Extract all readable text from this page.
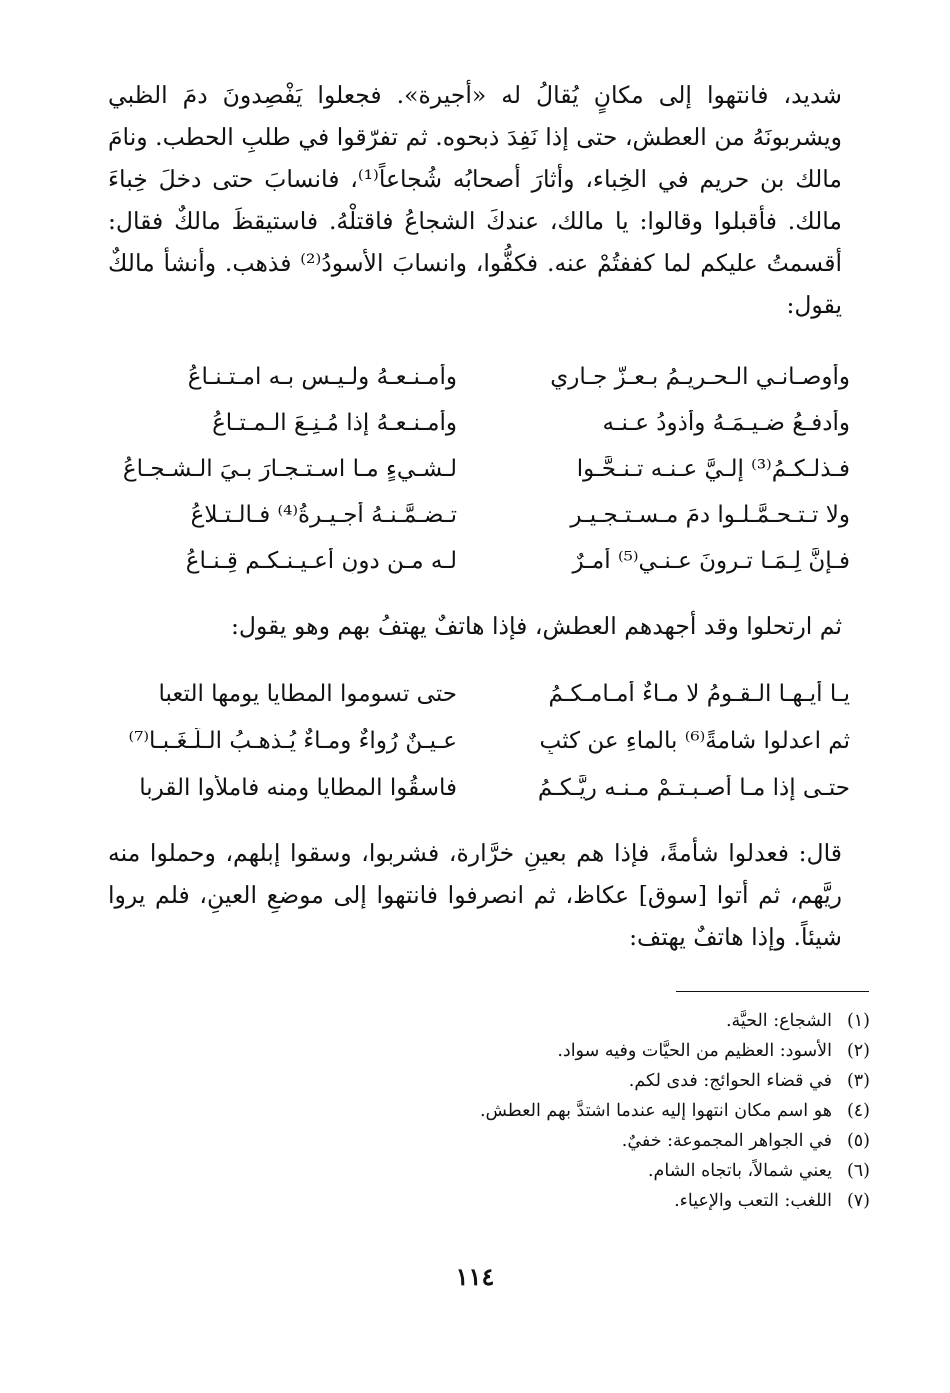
شديد، فانتهوا إلى مكانٍ يُقالُ له «أجيرة». فجعلوا يَفْصِدونَ دمَ الظبي ويشربونَهُ من العطش، حتى إذا نَفِدَ ذبحوه. ثم تفرّقوا في طلبِ الحطب. ونامَ مالك بن حريم في الخِباء، وأثارَ أصحابُه شُجاعاً⁽¹⁾، فانسابَ حتى دخلَ خِباءَ مالك. فأقبلوا وقالوا: يا مالك، عندكَ الشجاعُ فاقتلْهُ. فاستيقظَ مالكٌ فقال: أقسمتُ عليكم لما كففتُمْ عنه. فكفُّوا، وانسابَ الأسودُ⁽²⁾ فذهب. وأنشأ مالكٌ يقول:

وأوصـانـي الـحـريـمُ بـعـزّ جـاري
وأمـنـعـهُ ولـيـس بـه امـتـنـاعُ
وأدفـعُ ضـيـمَـهُ وأذودُ عـنـه
وأمـنـعـهُ إذا مُـنِـعَ الـمـتـاعُ
فـذلـكـمُ⁽³⁾ إلـيَّ عـنـه تـنـحَّـوا
لـشـيءٍ مـا اسـتـجـارَ بـيَ الـشـجـاعُ
ولا تـتـحـمَّـلـوا دمَ مـسـتـجـيـرٍ
تـضـمَّـنـهُ أجـيـرةُ⁽⁴⁾ فـالـتـلاعُ
فـإنَّ لِـمَـا تـرونَ عـنـي⁽⁵⁾ أمـرٌ
لـه مـن دونِ أعـيـنـكـم قِـنـاعُ

ثم ارتحلوا وقد أجهدهم العطش، فإذا هاتفٌ يهتفُ بهم وهو يقول:

يـا أيـهـا الـقـومُ لا مـاءٌ أمـامـكـمُ
حتى تسوموا المطايا يومها التعبا
ثم اعدلوا شامةً⁽⁶⁾ بالماءِ عن كثبٍ
عـيـنٌ رُواءٌ ومـاءٌ يُـذهـبُ الـلَّـغَـبـا⁽⁷⁾
حتـى إذا مـا أصـبـتـمْ مـنـه رِيَّـكـمُ
فاسقُوا المطايا ومنه فاملأوا القربا

قال: فعدلوا شأمةً، فإذا هم بعينِ خرَّارة، فشربوا، وسقوا إبلهم، وحملوا منه ريَّهم، ثم أتوا [سوق] عكاظ، ثم انصرفوا فانتهوا إلى موضعِ العينِ، فلم يروا شيئاً. وإذا هاتفٌ يهتف:

(١)
الشجاع: الحيَّة.
(٢)
الأسود: العظيم من الحيَّات وفيه سواد.
(٣)
في قضاء الحوائج: فدى لكم.
(٤)
هو اسم مكان انتهوا إليه عندما اشتدَّ بهم العطش.
(٥)
في الجواهر المجموعة: خفيٌ.
(٦)
يعني شمالاً، باتجاه الشام.
(٧)
اللغب: التعب والإعياء.
١١٤
